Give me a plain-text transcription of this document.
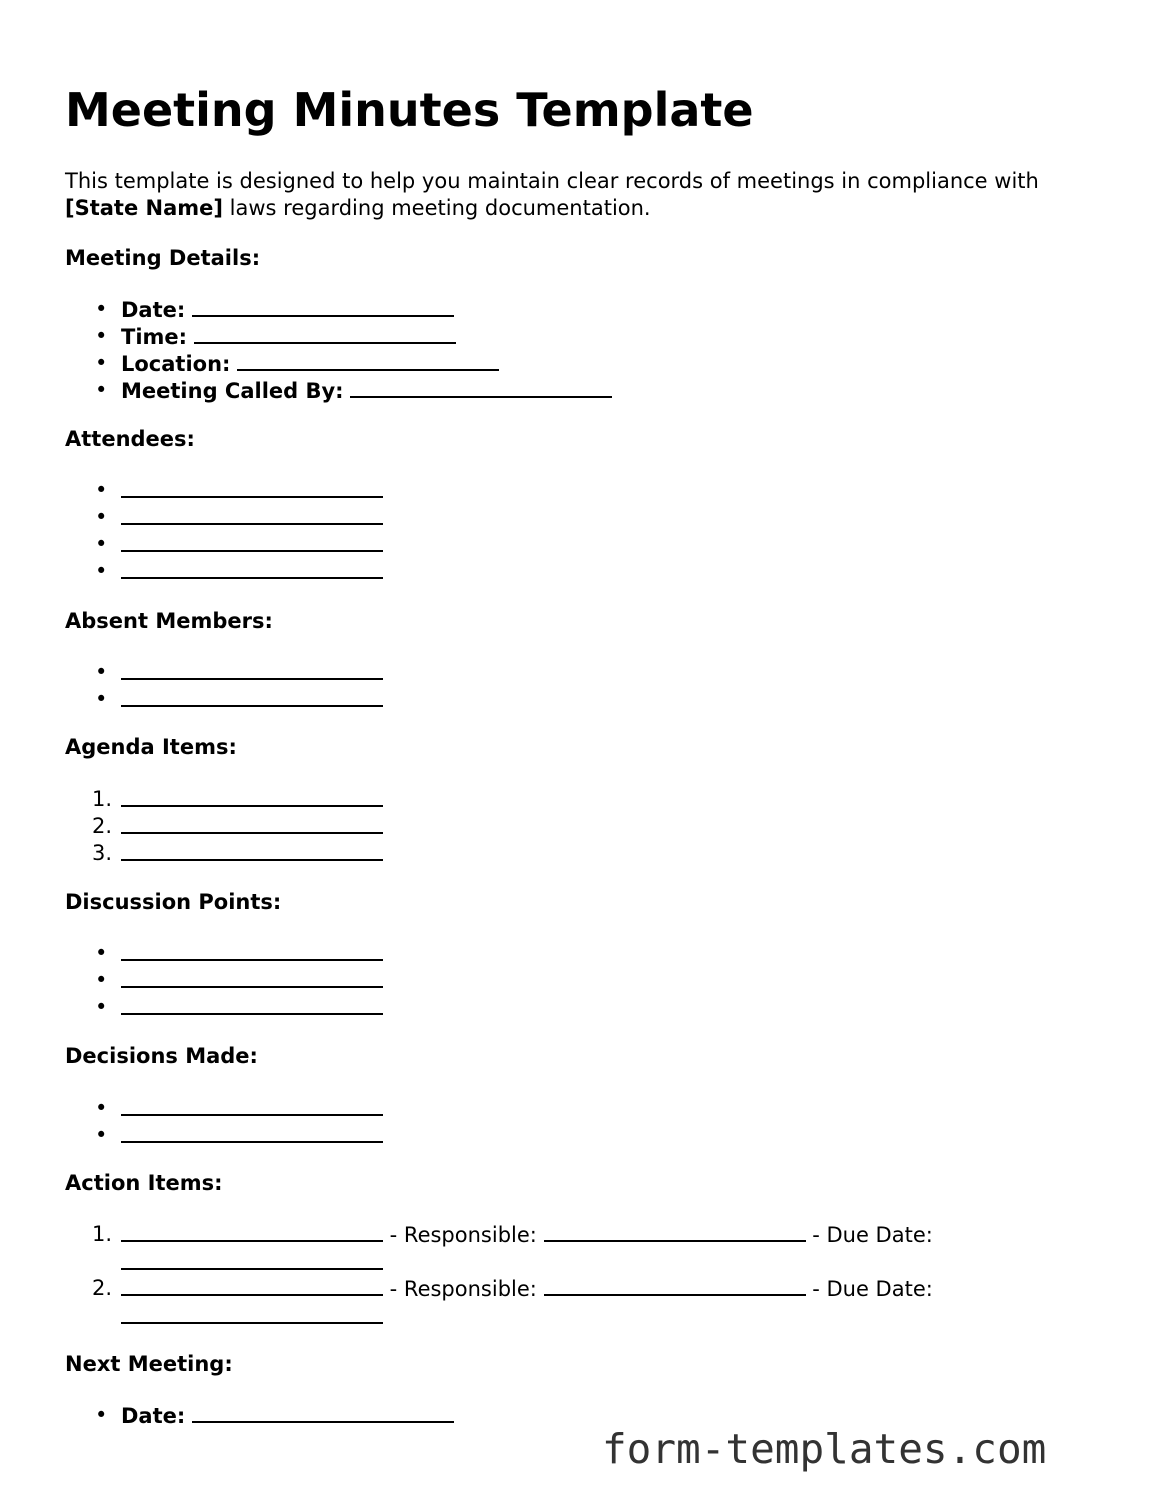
Meeting Minutes Template

This template is designed to help you maintain clear records of meetings in compliance with [State Name] laws regarding meeting documentation.

Meeting Details:
• Date:
• Time:
• Location:
• Meeting Called By:
Attendees:
•
•
•
•
Absent Members:
•
•
Agenda Items:
1.
2.
3.
Discussion Points:
•
•
•
Decisions Made:
•
•
Action Items:
1.	- Responsible:	- Due Date:
2.	- Responsible:	- Due Date:
Next Meeting:
• Date:
form-templates.com
